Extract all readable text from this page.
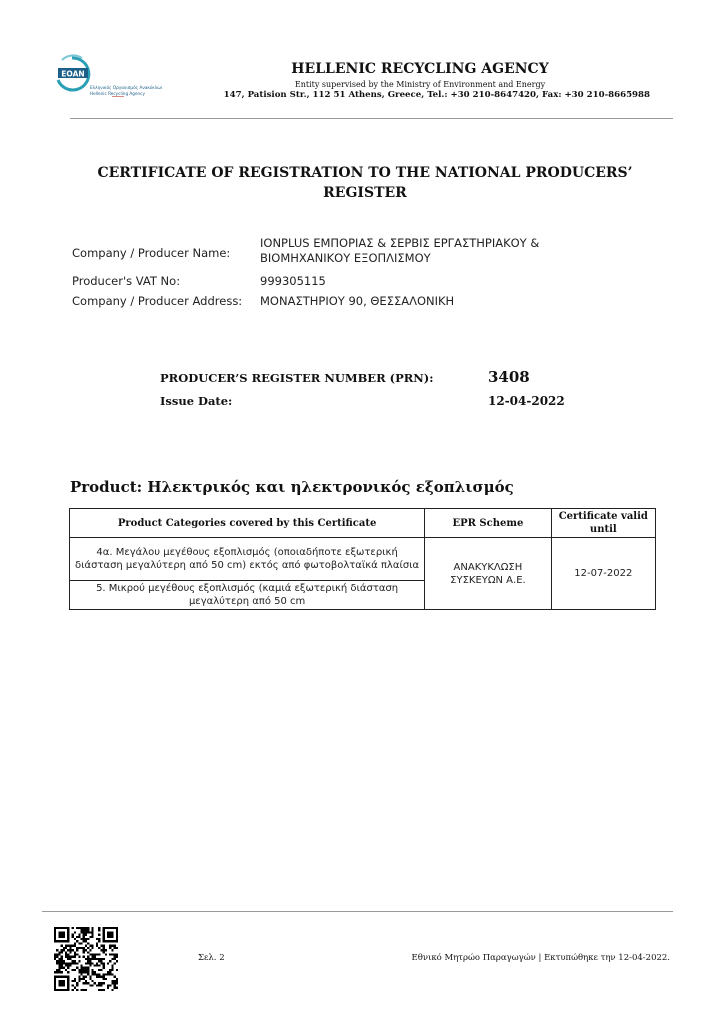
EOAN
Ελληνικός Οργανισμός Ανακύκλωσης
Hellenic Recycling Agency
HELLENIC RECYCLING AGENCY
Entity supervised by the Ministry of Environment and Energy
147, Patision Str., 112 51 Athens, Greece, Tel.: +30 210-8647420, Fax: +30 210-8665988
CERTIFICATE OF REGISTRATION TO THE NATIONAL PRODUCERS’ REGISTER
Company / Producer Name:
IONPLUS ΕΜΠΟΡΙΑΣ & ΣΕΡΒΙΣ ΕΡΓΑΣΤΗΡΙΑΚΟΥ & ΒΙΟΜΗΧΑΝΙΚΟΥ ΕΞΟΠΛΙΣΜΟΥ
Producer's VAT No:	999305115
Company / Producer Address: ΜΟΝΑΣΤΗΡΙΟΥ 90, ΘΕΣΣΑΛΟΝΙΚΗ
PRODUCER’S REGISTER NUMBER (PRN):	3408
Issue Date:	12-04-2022
Product: Ηλεκτρικός και ηλεκτρονικός εξοπλισμός
Product Categories covered by this Certificate	EPR Scheme	Certificate valid until
4α. Μεγάλου μεγέθους εξοπλισμός (οποιαδήποτε εξωτερική διάσταση μεγαλύτερη από 50 cm) εκτός από φωτοβολταϊκά πλαίσια	ΑΝΑΚΥΚΛΩΣΗ ΣΥΣΚΕΥΩΝ Α.Ε.	12-07-2022
5. Μικρού μεγέθους εξοπλισμός (καμιά εξωτερική διάσταση μεγαλύτερη από 50 cm		
Σελ. 2	Εθνικό Μητρώο Παραγωγών | Εκτυπώθηκε την 12-04-2022.
